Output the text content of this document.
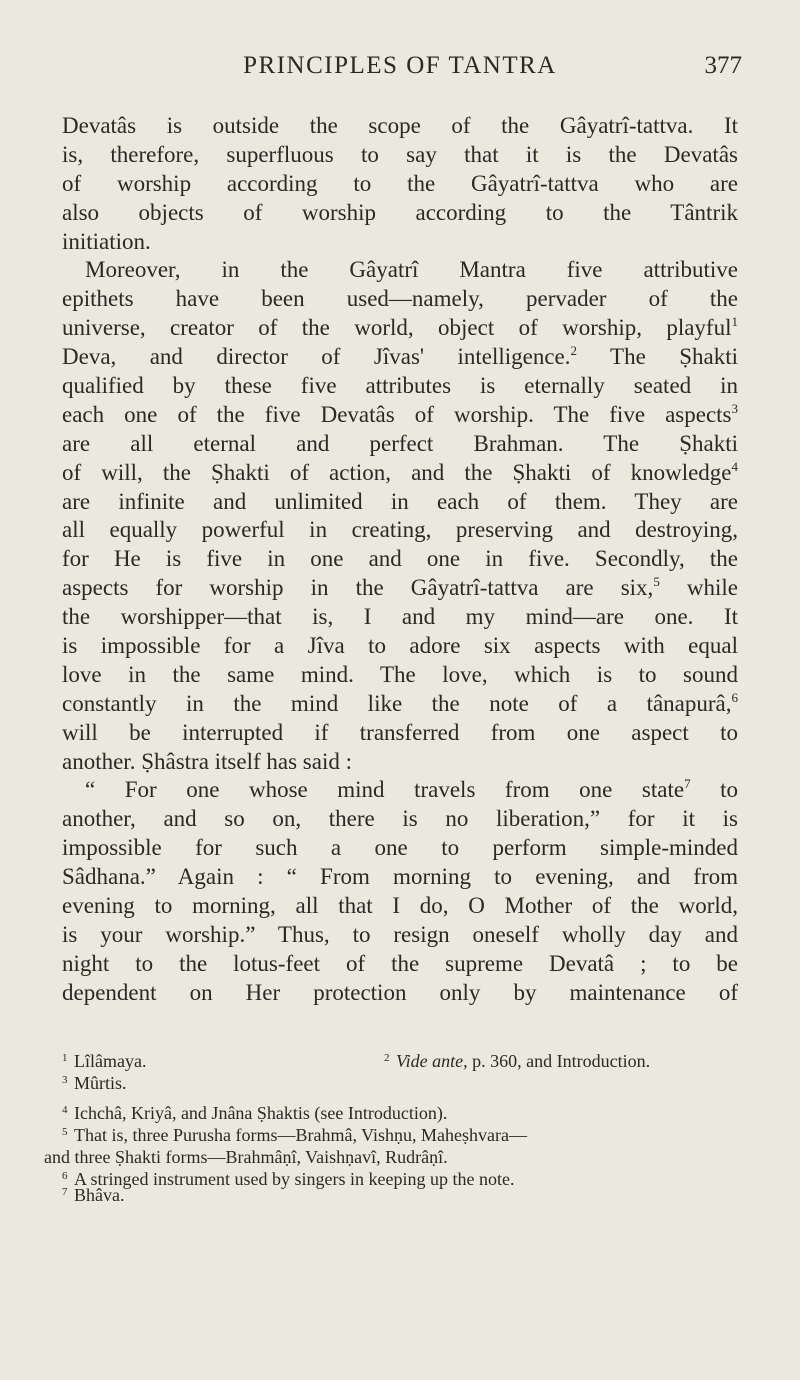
PRINCIPLES OF TANTRA	377
Devatâs is outside the scope of the Gâyatrî-tattva. It
is, therefore, superfluous to say that it is the Devatâs
of worship according to the Gâyatrî-tattva who are
also objects of worship according to the Tântrik
initiation.
Moreover, in the Gâyatrî Mantra five attributive
epithets have been used—namely, pervader of the
universe, creator of the world, object of worship, playful$^1$
Deva, and director of Jîvas' intelligence.$^2$ The Ṣhakti
qualified by these five attributes is eternally seated in
each one of the five Devatâs of worship. The five aspects$^3$
are all eternal and perfect Brahman. The Ṣhakti
of will, the Ṣhakti of action, and the Ṣhakti of knowledge$^4$
are infinite and unlimited in each of them. They are
all equally powerful in creating, preserving and destroying,
for He is five in one and one in five. Secondly, the
aspects for worship in the Gâyatrî-tattva are six,$^5$ while
the worshipper—that is, I and my mind—are one. It
is impossible for a Jîva to adore six aspects with equal
love in the same mind. The love, which is to sound
constantly in the mind like the note of a tânapurâ,$^6$
will be interrupted if transferred from one aspect to
another. Ṣhâstra itself has said :
“ For one whose mind travels from one state$^7$ to
another, and so on, there is no liberation,” for it is
impossible for such a one to perform simple-minded
Sâdhana.” Again : “ From morning to evening, and from
evening to morning, all that I do, O Mother of the world,
is your worship.” Thus, to resign oneself wholly day and
night to the lotus-feet of the supreme Devatâ ; to be
dependent on Her protection only by maintenance of
1 Lîlâmaya.	2 Vide ante, p. 360, and Introduction.
3 Mûrtis.
4 Ichchâ, Kriyâ, and Jnâna Ṣhaktis (see Introduction).
5 That is, three Purusha forms—Brahmâ, Vishṇu, Maheṣhvara—
and three Ṣhakti forms—Brahmâṇî, Vaishṇavî, Rudrâṇî.
6 A stringed instrument used by singers in keeping up the note.
7 Bhâva.
